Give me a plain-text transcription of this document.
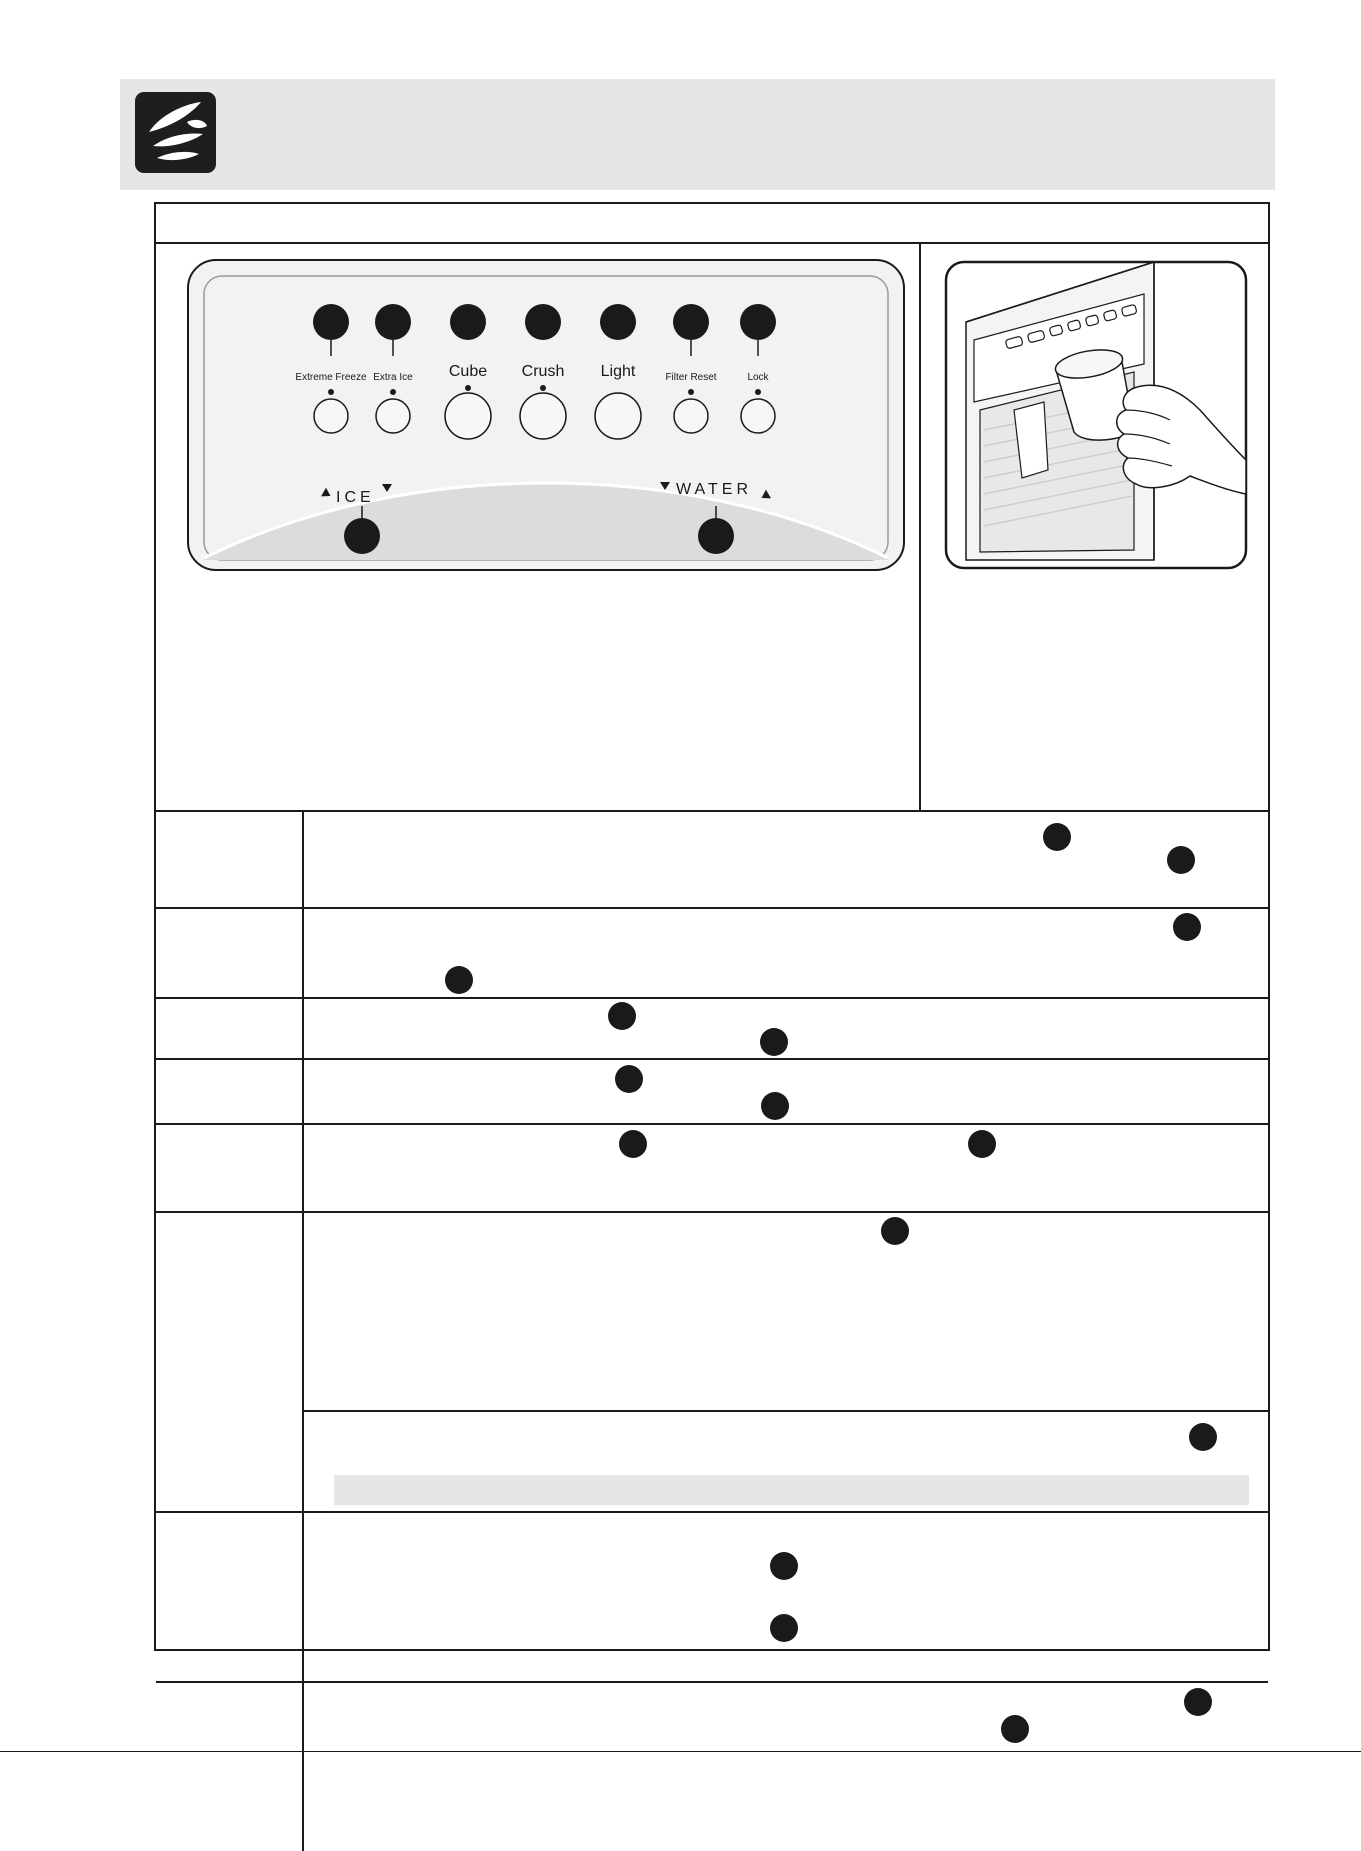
Extreme Freeze Extra Ice Cube Crush Light	Filter Reset	Lock
ICE	WATER
